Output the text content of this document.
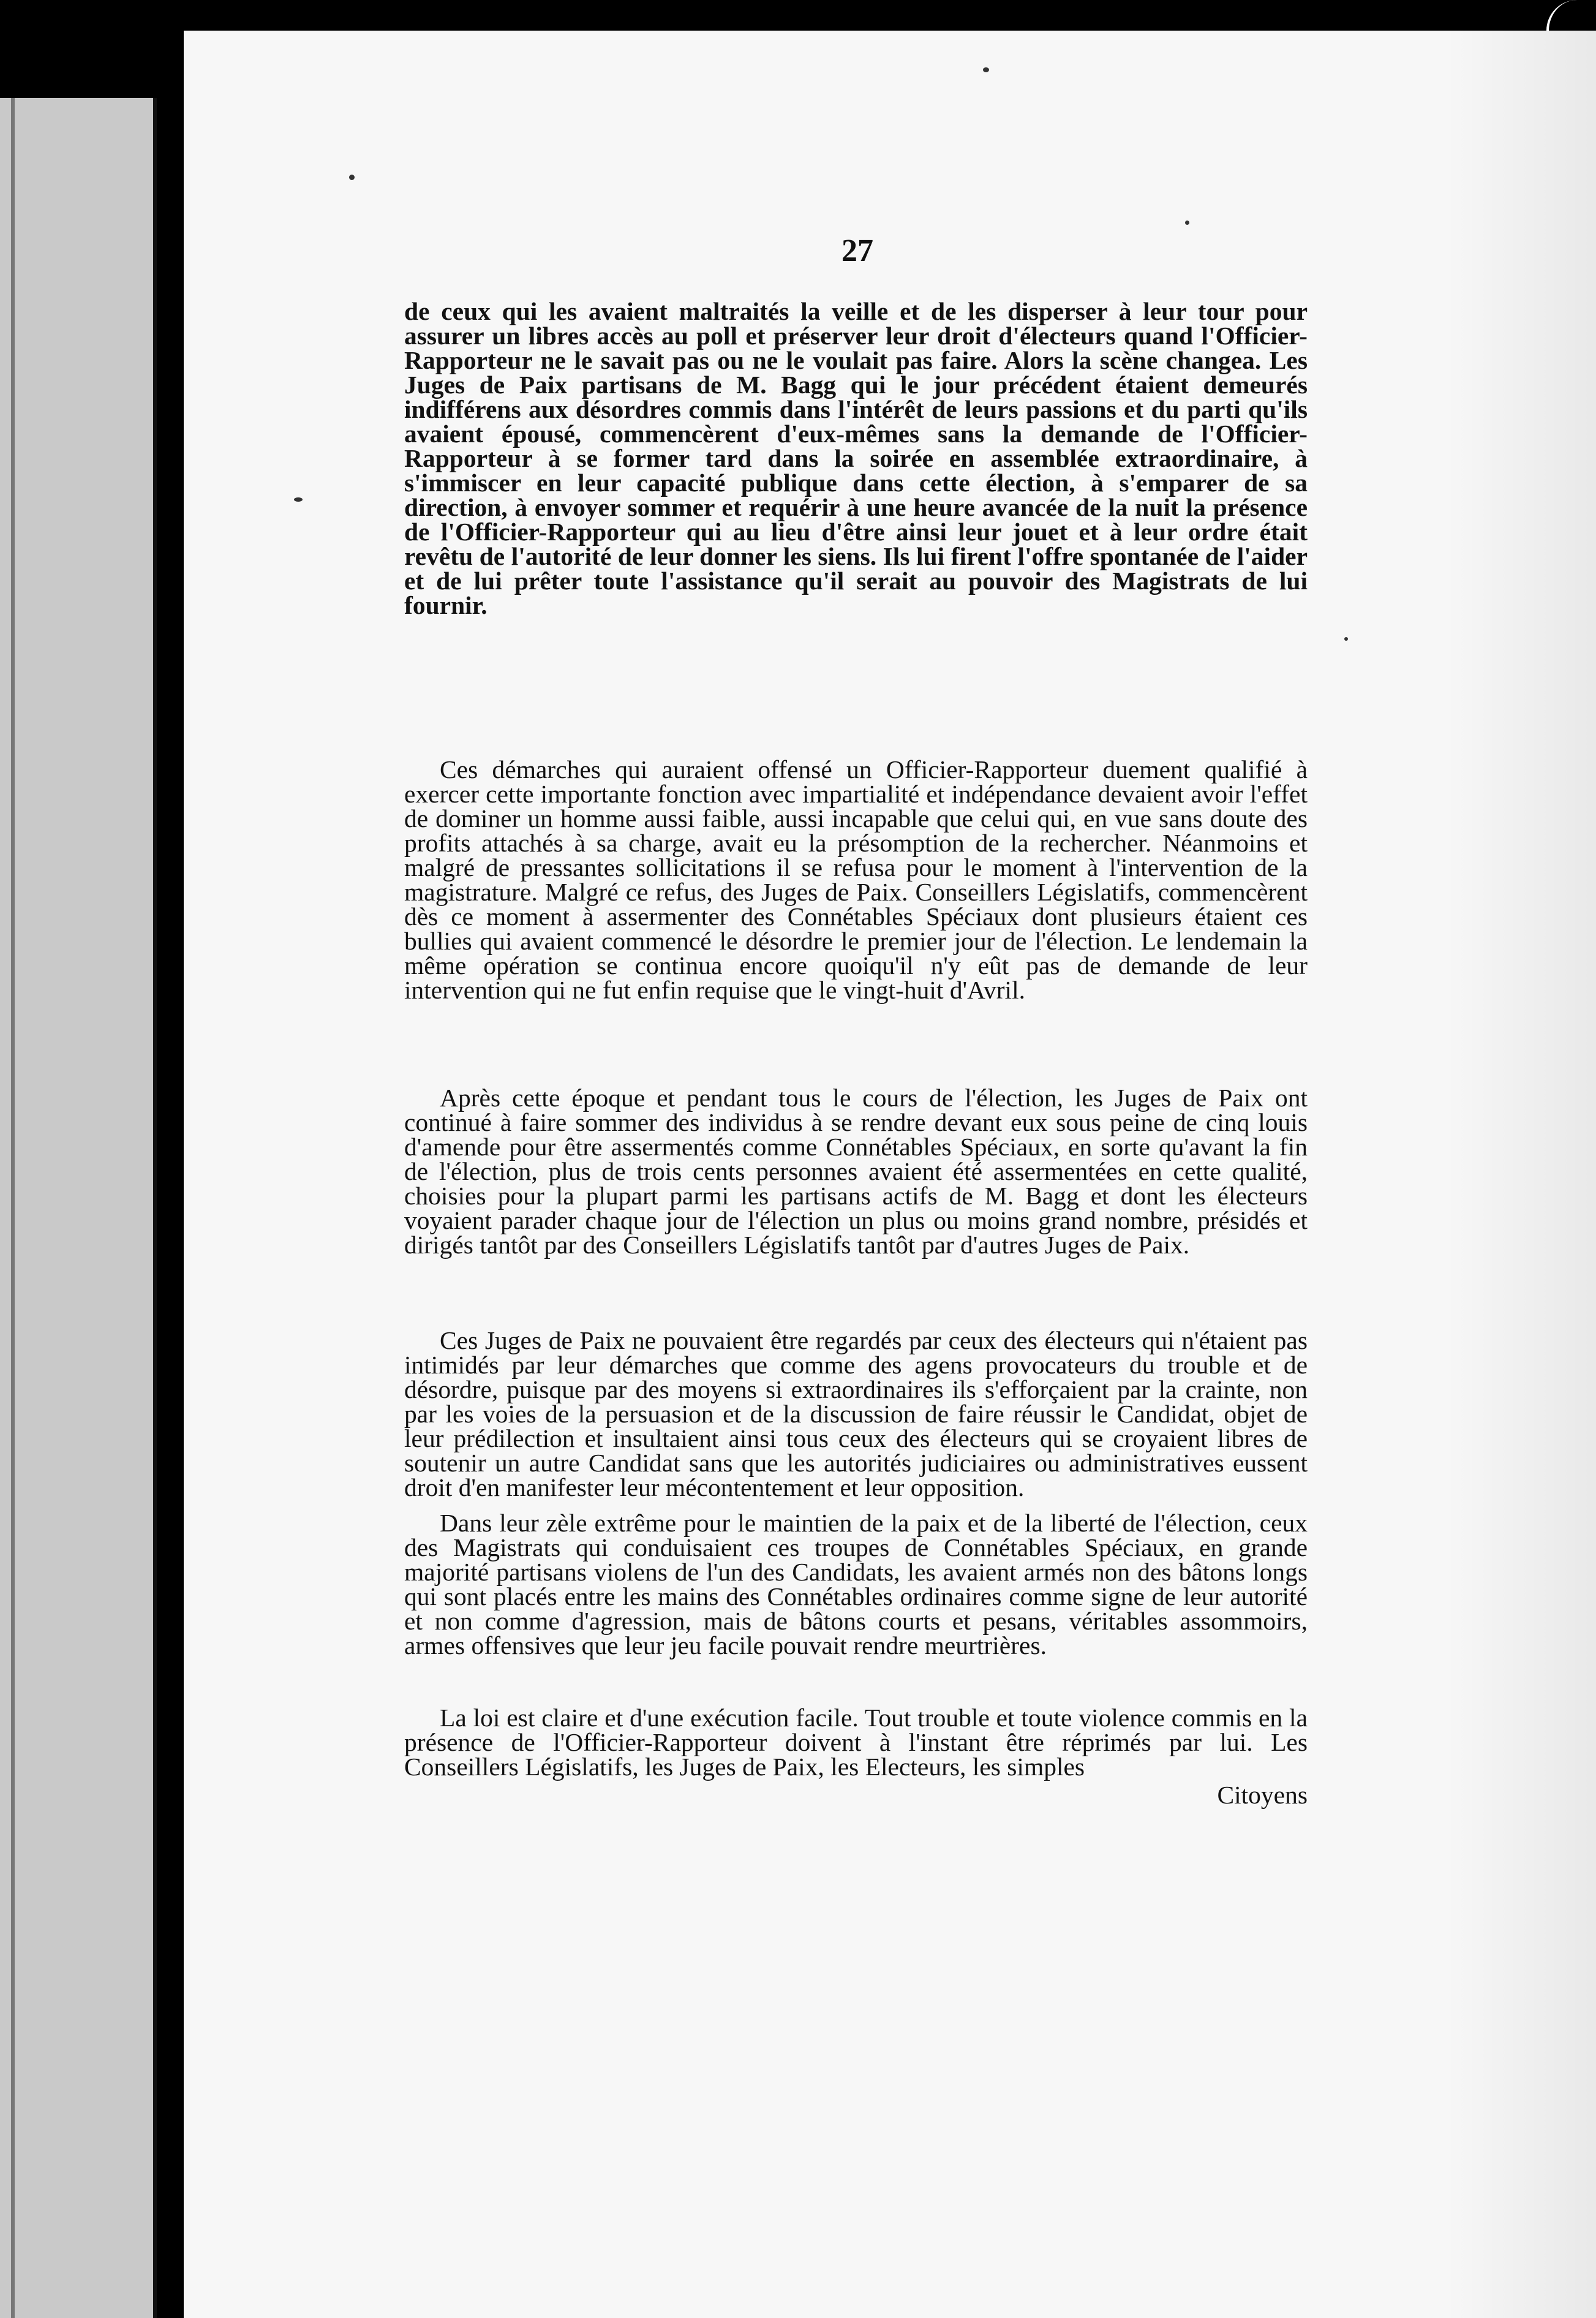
27

de ceux qui les avaient maltraités la veille et de les disperser à leur tour pour assurer un libres accès au poll et préserver leur droit d'électeurs quand l'Officier-Rapporteur ne le savait pas ou ne le voulait pas faire. Alors la scène changea. Les Juges de Paix partisans de M. Bagg qui le jour précédent étaient demeurés indifférens aux désordres commis dans l'intérêt de leurs passions et du parti qu'ils avaient épousé, commencèrent d'eux-mêmes sans la demande de l'Officier-Rapporteur à se former tard dans la soirée en assemblée extraordinaire, à s'immiscer en leur capacité publique dans cette élection, à s'emparer de sa direction, à envoyer sommer et requérir à une heure avancée de la nuit la présence de l'Officier-Rapporteur qui au lieu d'être ainsi leur jouet et à leur ordre était revêtu de l'autorité de leur donner les siens. Ils lui firent l'offre spontanée de l'aider et de lui prêter toute l'assistance qu'il serait au pouvoir des Magistrats de lui fournir.

Ces démarches qui auraient offensé un Officier-Rapporteur duement qualifié à exercer cette importante fonction avec impartialité et indépendance devaient avoir l'effet de dominer un homme aussi faible, aussi incapable que celui qui, en vue sans doute des profits attachés à sa charge, avait eu la présomption de la rechercher. Néanmoins et malgré de pressantes sollicitations il se refusa pour le moment à l'intervention de la magistrature. Malgré ce refus, des Juges de Paix. Conseillers Législatifs, commencèrent dès ce moment à assermenter des Connétables Spéciaux dont plusieurs étaient ces bullies qui avaient commencé le désordre le premier jour de l'élection. Le lendemain la même opération se continua encore quoiqu'il n'y eût pas de demande de leur intervention qui ne fut enfin requise que le vingt-huit d'Avril.

Après cette époque et pendant tous le cours de l'élection, les Juges de Paix ont continué à faire sommer des individus à se rendre devant eux sous peine de cinq louis d'amende pour être assermentés comme Connétables Spéciaux, en sorte qu'avant la fin de l'élection, plus de trois cents personnes avaient été assermentées en cette qualité, choisies pour la plupart parmi les partisans actifs de M. Bagg et dont les électeurs voyaient parader chaque jour de l'élection un plus ou moins grand nombre, présidés et dirigés tantôt par des Conseillers Législatifs tantôt par d'autres Juges de Paix.

Ces Juges de Paix ne pouvaient être regardés par ceux des électeurs qui n'étaient pas intimidés par leur démarches que comme des agens provocateurs du trouble et de désordre, puisque par des moyens si extraordinaires ils s'efforçaient par la crainte, non par les voies de la persuasion et de la discussion de faire réussir le Candidat, objet de leur prédilection et insultaient ainsi tous ceux des électeurs qui se croyaient libres de soutenir un autre Candidat sans que les autorités judiciaires ou administratives eussent droit d'en manifester leur mécontentement et leur opposition.

Dans leur zèle extrême pour le maintien de la paix et de la liberté de l'élection, ceux des Magistrats qui conduisaient ces troupes de Connétables Spéciaux, en grande majorité partisans violens de l'un des Candidats, les avaient armés non des bâtons longs qui sont placés entre les mains des Connétables ordinaires comme signe de leur autorité et non comme d'agression, mais de bâtons courts et pesans, véritables assommoirs, armes offensives que leur jeu facile pouvait rendre meurtrières.

La loi est claire et d'une exécution facile. Tout trouble et toute violence commis en la présence de l'Officier-Rapporteur doivent à l'instant être réprimés par lui. Les Conseillers Législatifs, les Juges de Paix, les Electeurs, les simples

Citoyens
